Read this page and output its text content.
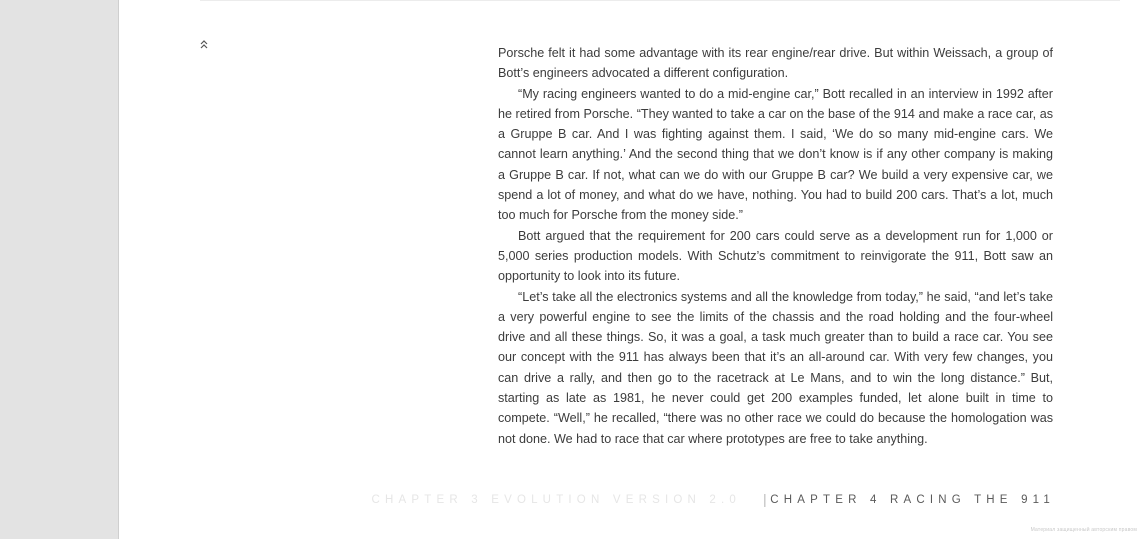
Porsche felt it had some advantage with its rear engine/rear drive. But within Weissach, a group of Bott’s engineers advocated a different configuration.

“My racing engineers wanted to do a mid-engine car,” Bott recalled in an interview in 1992 after he retired from Porsche. “They wanted to take a car on the base of the 914 and make a race car, as a Gruppe B car. And I was fighting against them. I said, ‘We do so many mid-engine cars. We cannot learn anything.’ And the second thing that we don’t know is if any other company is making a Gruppe B car. If not, what can we do with our Gruppe B car? We build a very expensive car, we spend a lot of money, and what do we have, nothing. You had to build 200 cars. That’s a lot, much too much for Porsche from the money side.”

Bott argued that the requirement for 200 cars could serve as a development run for 1,000 or 5,000 series production models. With Schutz’s commitment to reinvigorate the 911, Bott saw an opportunity to look into its future.

“Let’s take all the electronics systems and all the knowledge from today,” he said, “and let’s take a very powerful engine to see the limits of the chassis and the road holding and the four-wheel drive and all these things. So, it was a goal, a task much greater than to build a race car. You see our concept with the 911 has always been that it’s an all-around car. With very few changes, you can drive a rally, and then go to the racetrack at Le Mans, and to win the long distance.” But, starting as late as 1981, he never could get 200 examples funded, let alone built in time to compete. “Well,” he recalled, “there was no other race we could do because the homologation was not done. We had to race that car where prototypes are free to take anything.

CHAPTER 3 EVOLUTION VERSION 2.0 | CHAPTER 4 RACING THE 911
Материал защищенный авторским правом
